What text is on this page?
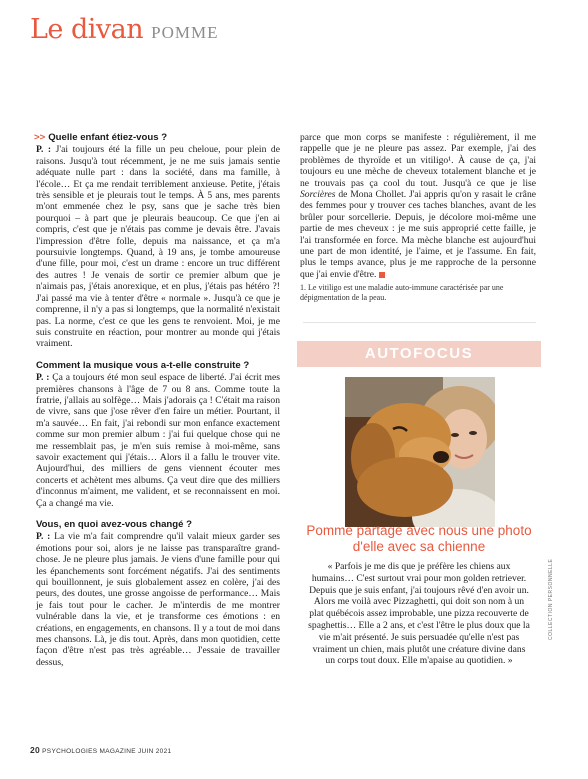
Le divan POMME
>> Quelle enfant étiez-vous ?

P. : J'ai toujours été la fille un peu cheloue, pour plein de raisons. Jusqu'à tout récemment, je ne me suis jamais sentie adéquate nulle part : dans la société, dans ma famille, à l'école… Et ça me rendait terriblement anxieuse. Petite, j'étais très sensible et je pleurais tout le temps. À 5 ans, mes parents m'ont emmenée chez le psy, sans que je sache très bien pourquoi – à part que je pleurais beaucoup. Ce que j'en ai compris, c'est que je n'étais pas comme je devais être. J'avais l'impression d'être folle, depuis ma naissance, et ça m'a poursuivie longtemps. Quand, à 19 ans, je tombe amoureuse d'une fille, pour moi, c'est un drame : encore un truc différent des autres ! Je venais de sortir ce premier album que je n'aimais pas, j'étais anorexique, et en plus, j'étais pas hétéro ?! J'ai passé ma vie à tenter d'être « normale ». Jusqu'à ce que je comprenne, il n'y a pas si longtemps, que la normalité n'existait pas. La norme, c'est ce que les gens te renvoient. Moi, je me suis construite en réaction, pour montrer au monde qui j'étais vraiment.

Comment la musique vous a-t-elle construite ?

P. : Ça a toujours été mon seul espace de liberté. J'ai écrit mes premières chansons à l'âge de 7 ou 8 ans. Comme toute la fratrie, j'allais au solfège… Mais j'adorais ça ! C'était ma raison de vivre, sans que j'ose rêver d'en faire un métier. Pourtant, il m'a sauvée… En fait, j'ai rebondi sur mon enfance exactement comme sur mon premier album : j'ai fui quelque chose qui ne me ressemblait pas, je m'en suis remise à moi-même, sans savoir exactement qui j'étais… Alors il a fallu le trouver vite. Aujourd'hui, des milliers de gens viennent écouter mes concerts et achètent mes albums. Ça veut dire que des milliers d'inconnus m'aiment, me valident, et se reconnaissent en moi. Ça a changé ma vie.

Vous, en quoi avez-vous changé ?

P. : La vie m'a fait comprendre qu'il valait mieux garder ses émotions pour soi, alors je ne laisse pas transparaître grand-chose. Je ne pleure plus jamais. Je viens d'une famille pour qui les épanchements sont forcément négatifs. J'ai des sentiments qui bouillonnent, je suis globalement assez en colère, j'ai des peurs, des doutes, une grosse angoisse de performance… Mais je fais tout pour le cacher. Je m'interdis de me montrer vulnérable dans la vie, et je transforme ces émotions : en créations, en engagements, en chansons. Il y a tout de moi dans mes chansons. Là, je dis tout. Après, dans mon quotidien, cette façon d'être n'est pas très agréable… J'essaie de travailler dessus,

parce que mon corps se manifeste : régulièrement, il me rappelle que je ne pleure pas assez. Par exemple, j'ai des problèmes de thyroïde et un vitiligo¹. À cause de ça, j'ai toujours eu une mèche de cheveux totalement blanche et je ne trouvais pas ça cool du tout. Jusqu'à ce que je lise Sorcières de Mona Chollet. J'ai appris qu'on y rasait le crâne des femmes pour y trouver ces taches blanches, avant de les brûler pour sorcellerie. Depuis, je décolore moi-même une partie de mes cheveux : je me suis approprié cette faille, je l'ai transformée en force. Ma mèche blanche est aujourd'hui une part de mon identité, je l'aime, et je l'assume. En fait, plus le temps avance, plus je me rapproche de la personne que j'ai envie d'être.

1. Le vitiligo est une maladie auto-immune caractérisée par une dépigmentation de la peau.
AUTOFOCUS
Pomme partage avec nous une photo d'elle avec sa chienne
« Parfois je me dis que je préfère les chiens aux humains… C'est surtout vrai pour mon golden retriever. Depuis que je suis enfant, j'ai toujours rêvé d'en avoir un. Alors me voilà avec Pizzaghetti, qui doit son nom à un plat québécois assez improbable, une pizza recouverte de spaghettis… Elle a 2 ans, et c'est l'être le plus doux que la vie m'ait présenté. Je suis persuadée qu'elle n'est pas vraiment un chien, mais plutôt une créature divine dans un corps tout doux. Elle m'apaise au quotidien. »
COLLECTION PERSONNELLE
20 PSYCHOLOGIES MAGAZINE JUIN 2021
